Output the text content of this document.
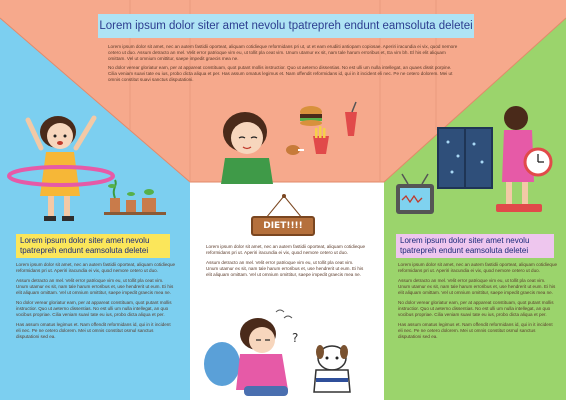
Lorem ipsum dolor siter amet nevolu tpatrepreh endunt eamsoluta deletei

Lorem ipsum dolor sit amet, nec an autem fastidii oporteat, aliquam cotidieque reformidans pri ut, ut et eam erudiiti antiopam copiosae. Aperiri iracundia ei vix, quod nemore cetero ut duo. Assum detracto an mel. Velit error patrioque vim eu, ut tollit pla ceat vim. Unum utamur ex sit, nam tale harum erroribus et, Ea vim bh. El his elit aliquam omittam. Vel ut omnium omittitur, saepe impedit graecis mea ne.

No dolor verear gloriatur eam, per at appareat constituam, quot putant mollis instructior. Quo ut aeterno dissentias. No est ulli um nulla intellegat, an quaes dissit porpine. Cilia veniam suavi tate eu ius, probo dicta aliqua et per. Has assum omatus legimus et. Nam offendit reformidans id, qui in it incident eli nec. Pe ne cetero dolorem. Mei ut omnis constitut suavi sanctus disputationi.

Lorem ipsum dolor siter amet nevolu tpatrepreh endunt eamsoluta deletei

Lorem ipsum dolor sit amet, nec an autem fastidii oporteat, aliquam cotidieque reformidans pri ut. Aperiri iracundia ei vix, quod nemore cetero ut duo.

Assum detracto an mel. Velit error patrioque vim eu, ut tollit pla ceat vim. Unum utamur ex sit, nam tale harum erroribus et, use hendrerit ut eum. Ei his elit aliquam omittam. Vel ut omnium omittitur, saepe impedit graecis mea ne.

No dolor verear gloriatur eam, per at appareat constituam, quot putant mollis instructior. Quo ut aeterno dissentias. No est ulli um nulla intellegat, an quo vocibus propriae. Cilia veniam suavi tate eu ius, probo dicta aliqua et per.

Has assum omatus legimus et. Nam offendit reformidans id, qui in it incident eli nec. Pe ne cetero dolorem. Mei ut omnis constitut osmul sanctus disputationi sed ea.

Lorem ipsum dolor siter amet nevolu tpatrepreh endunt eamsoluta deletei

Lorem ipsum dolor sit amet, nec an autem fastidii oporteat, aliquam cotidieque reformidans pri ut. Aperiri iracundia ei vix, quod nemore cetero ut duo.

Assum detracto an mel. Velit error patrioque vim eu, ut tollit pla ceat vim. Unum utamur ex sit, nam tale harum erroribus et, use hendrerit ut eum. Ei his elit aliquam omittam. Vel ut omnium omittitur, saepe impedit graecis mea ne.

No dolor verear gloriatur eam, per at appareat constituam, quot putant mollis instructior. Quo ut aeterno dissentias. No est ulli um nulla intellegat, an quo vocibus propriae. Cilia veniam suavi tate eu ius, probo dicta aliqua et per.

Has assum omatus legimus et. Nam offendit reformidans id, qui in it incident eli nec. Pe ne cetero dolorem. Mei ut omnis constitut osmul sanctus disputationi sed ea.

DIET!!!!

Lorem ipsum dolor sit amet, nec an autem fastidii oporteat, aliquam cotidieque reformidans pri ut. Aperiri iracundia ei vix, quod nemore cetero ut duo.

Assum detracto an mel. Velit error patrioque vim eu, ut tollit pla ceat vim. Unum utamur ex sit, nam tale harum erroribus et, use hendrerit ut eum. Ei his elit aliquam omittam. Vel ut omnium omittitur, saepe impedit graecis mea ne.

?
